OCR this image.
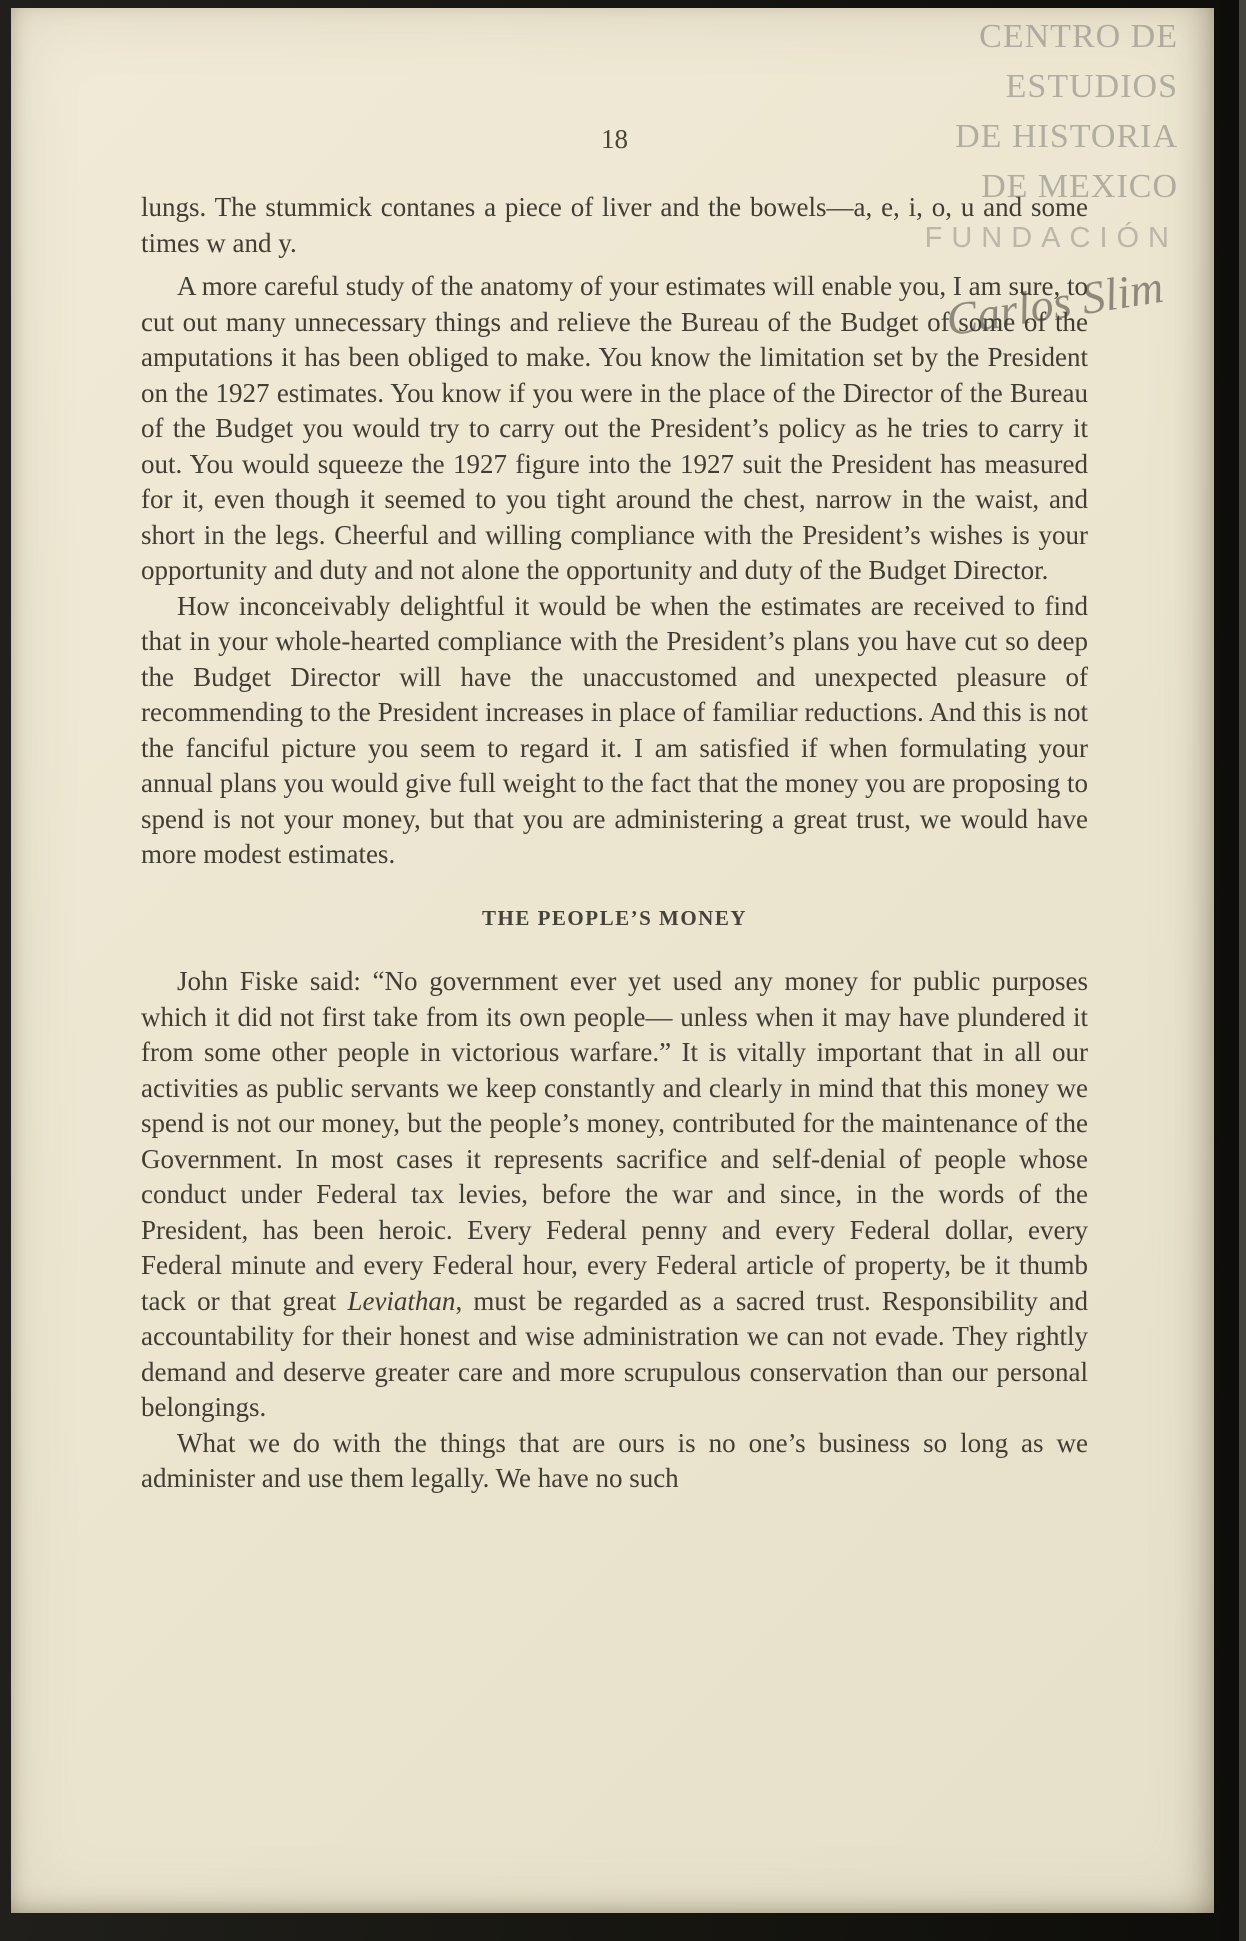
CENTRO DE
ESTUDIOS
DE HISTORIA
DE MEXICO
FUNDACIÓN
Carlos Slim
18

lungs. The stummick contanes a piece of liver and the bowels—a, e, i, o, u and some times w and y.

A more careful study of the anatomy of your estimates will enable you, I am sure, to cut out many unnecessary things and relieve the Bureau of the Budget of some of the amputations it has been obliged to make. You know the limitation set by the President on the 1927 estimates. You know if you were in the place of the Director of the Bureau of the Budget you would try to carry out the President’s policy as he tries to carry it out. You would squeeze the 1927 figure into the 1927 suit the President has measured for it, even though it seemed to you tight around the chest, narrow in the waist, and short in the legs. Cheerful and willing compliance with the President’s wishes is your opportunity and duty and not alone the opportunity and duty of the Budget Director.

How inconceivably delightful it would be when the estimates are received to find that in your whole-hearted compliance with the President’s plans you have cut so deep the Budget Director will have the unaccustomed and unexpected pleasure of recommending to the President increases in place of familiar reductions. And this is not the fanciful picture you seem to regard it. I am satisfied if when formulating your annual plans you would give full weight to the fact that the money you are proposing to spend is not your money, but that you are administering a great trust, we would have more modest estimates.

THE PEOPLE’S MONEY

John Fiske said: “No government ever yet used any money for public purposes which it did not first take from its own people— unless when it may have plundered it from some other people in victorious warfare.” It is vitally important that in all our activities as public servants we keep constantly and clearly in mind that this money we spend is not our money, but the people’s money, contributed for the maintenance of the Government. In most cases it represents sacrifice and self-denial of people whose conduct under Federal tax levies, before the war and since, in the words of the President, has been heroic. Every Federal penny and every Federal dollar, every Federal minute and every Federal hour, every Federal article of property, be it thumb tack or that great Leviathan, must be regarded as a sacred trust. Responsibility and accountability for their honest and wise administration we can not evade. They rightly demand and deserve greater care and more scrupulous conservation than our personal belongings.

What we do with the things that are ours is no one’s business so long as we administer and use them legally. We have no such
